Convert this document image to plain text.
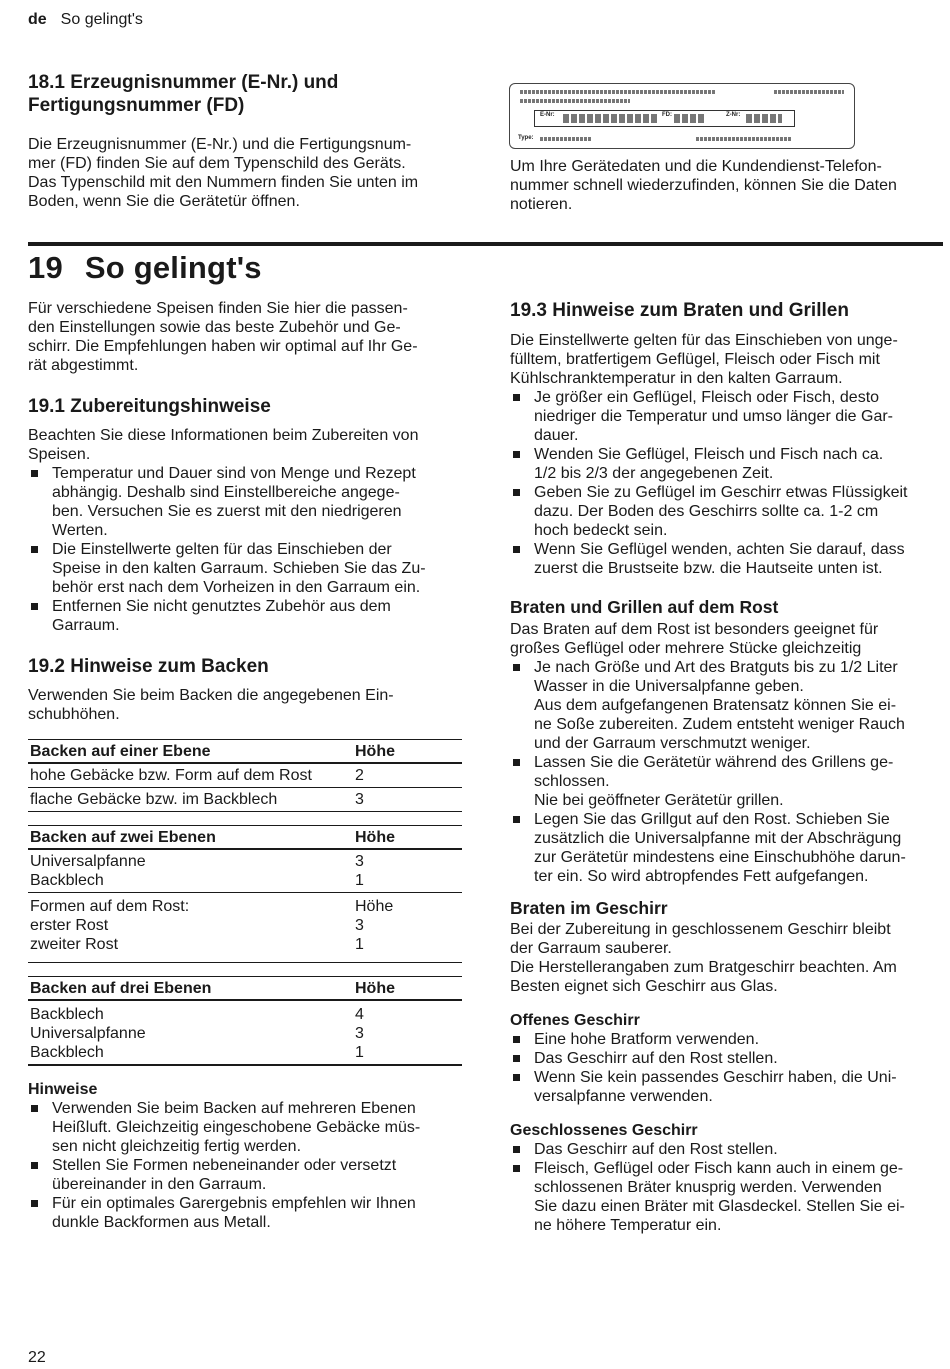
de So gelingt's
18.1 Erzeugnisnummer (E-Nr.) und
Fertigungsnummer (FD)
Die Erzeugnisnummer (E-Nr.) und die Fertigungsnum-
mer (FD) finden Sie auf dem Typenschild des Geräts.
Das Typenschild mit den Nummern finden Sie unten im
Boden, wenn Sie die Gerätetür öffnen.
E-Nr:	FD:	Z-Nr:
Type:
Um Ihre Gerätedaten und die Kundendienst-Telefon-
nummer schnell wiederzufinden, können Sie die Daten
notieren.
19 So gelingt's
Für verschiedene Speisen finden Sie hier die passen-
den Einstellungen sowie das beste Zubehör und Ge-
schirr. Die Empfehlungen haben wir optimal auf Ihr Ge-
rät abgestimmt.
19.1 Zubereitungshinweise
Beachten Sie diese Informationen beim Zubereiten von
Speisen.
Temperatur und Dauer sind von Menge und Rezept
abhängig. Deshalb sind Einstellbereiche angege-
ben. Versuchen Sie es zuerst mit den niedrigeren
Werten.
Die Einstellwerte gelten für das Einschieben der
Speise in den kalten Garraum. Schieben Sie das Zu-
behör erst nach dem Vorheizen in den Garraum ein.
Entfernen Sie nicht genutztes Zubehör aus dem
Garraum.
19.2 Hinweise zum Backen
Verwenden Sie beim Backen die angegebenen Ein-
schubhöhen.
Backen auf einer Ebene	Höhe
hohe Gebäcke bzw. Form auf dem Rost	2
flache Gebäcke bzw. im Backblech	3
Backen auf zwei Ebenen	Höhe
Universalpfanne	3
Backblech	1
Formen auf dem Rost:	Höhe
erster Rost	3
zweiter Rost	1
Backen auf drei Ebenen	Höhe
Backblech	4
Universalpfanne	3
Backblech	1
Hinweise
Verwenden Sie beim Backen auf mehreren Ebenen
Heißluft. Gleichzeitig eingeschobene Gebäcke müs-
sen nicht gleichzeitig fertig werden.
Stellen Sie Formen nebeneinander oder versetzt
übereinander in den Garraum.
Für ein optimales Garergebnis empfehlen wir Ihnen
dunkle Backformen aus Metall.
19.3 Hinweise zum Braten und Grillen
Die Einstellwerte gelten für das Einschieben von unge-
fülltem, bratfertigem Geflügel, Fleisch oder Fisch mit
Kühlschranktemperatur in den kalten Garraum.
Je größer ein Geflügel, Fleisch oder Fisch, desto
niedriger die Temperatur und umso länger die Gar-
dauer.
Wenden Sie Geflügel, Fleisch und Fisch nach ca.
1/2 bis 2/3 der angegebenen Zeit.
Geben Sie zu Geflügel im Geschirr etwas Flüssigkeit
dazu. Der Boden des Geschirrs sollte ca. 1-2 cm
hoch bedeckt sein.
Wenn Sie Geflügel wenden, achten Sie darauf, dass
zuerst die Brustseite bzw. die Hautseite unten ist.
Braten und Grillen auf dem Rost
Das Braten auf dem Rost ist besonders geeignet für
großes Geflügel oder mehrere Stücke gleichzeitig
Je nach Größe und Art des Bratguts bis zu 1/2 Liter
Wasser in die Universalpfanne geben.
Aus dem aufgefangenen Bratensatz können Sie ei-
ne Soße zubereiten. Zudem entsteht weniger Rauch
und der Garraum verschmutzt weniger.
Lassen Sie die Gerätetür während des Grillens ge-
schlossen.
Nie bei geöffneter Gerätetür grillen.
Legen Sie das Grillgut auf den Rost. Schieben Sie
zusätzlich die Universalpfanne mit der Abschrägung
zur Gerätetür mindestens eine Einschubhöhe darun-
ter ein. So wird abtropfendes Fett aufgefangen.
Braten im Geschirr
Bei der Zubereitung in geschlossenem Geschirr bleibt
der Garraum sauberer.
Die Herstellerangaben zum Bratgeschirr beachten. Am
Besten eignet sich Geschirr aus Glas.
Offenes Geschirr
Eine hohe Bratform verwenden.
Das Geschirr auf den Rost stellen.
Wenn Sie kein passendes Geschirr haben, die Uni-
versalpfanne verwenden.
Geschlossenes Geschirr
Das Geschirr auf den Rost stellen.
Fleisch, Geflügel oder Fisch kann auch in einem ge-
schlossenen Bräter knusprig werden. Verwenden
Sie dazu einen Bräter mit Glasdeckel. Stellen Sie ei-
ne höhere Temperatur ein.
22
